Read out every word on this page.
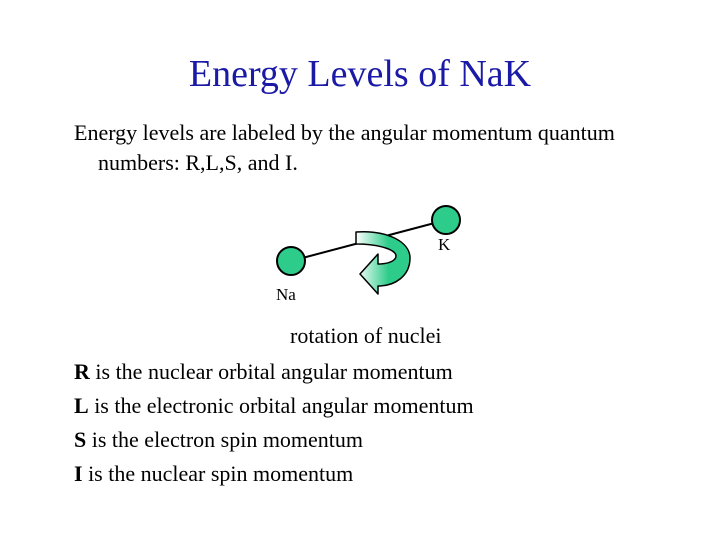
Energy Levels of NaK
Energy levels are labeled by the angular momentum quantum
numbers: R,L,S, and I.
K
Na
rotation of nuclei
R is the nuclear orbital angular momentum
L is the electronic orbital angular momentum
S is the electron spin momentum
I is the nuclear spin momentum
